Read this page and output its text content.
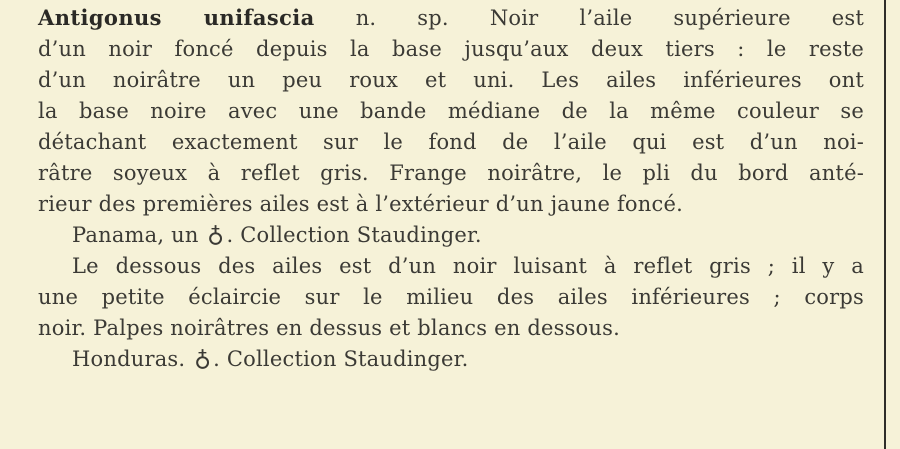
Antigonus unifascia n. sp. Noir l’aile supérieure est
d’un noir foncé depuis la base jusqu’aux deux tiers : le reste
d’un noirâtre un peu roux et uni. Les ailes inférieures ont
la base noire avec une bande médiane de la même couleur se
détachant exactement sur le fond de l’aile qui est d’un noi-
râtre soyeux à reflet gris. Frange noirâtre, le pli du bord anté-
rieur des premières ailes est à l’extérieur d’un jaune foncé.
Panama, un ♀. Collection Staudinger.
Le dessous des ailes est d’un noir luisant à reflet gris ; il y a
une petite éclaircie sur le milieu des ailes inférieures ; corps
noir. Palpes noirâtres en dessus et blancs en dessous.
Honduras. ♀. Collection Staudinger.
